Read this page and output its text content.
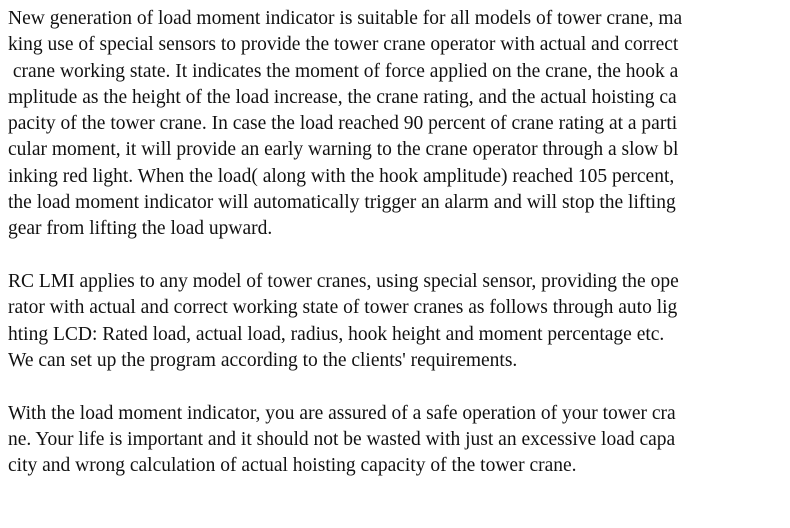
New generation of load moment indicator is suitable for all models of tower crane, ma
king use of special sensors to provide the tower crane operator with actual and correct
crane working state. It indicates the moment of force applied on the crane, the hook a
mplitude as the height of the load increase, the crane rating, and the actual hoisting ca
pacity of the tower crane. In case the load reached 90 percent of crane rating at a parti
cular moment, it will provide an early warning to the crane operator through a slow bl
inking red light. When the load( along with the hook amplitude) reached 105 percent,
the load moment indicator will automatically trigger an alarm and will stop the lifting
gear from lifting the load upward.

RC LMI applies to any model of tower cranes, using special sensor, providing the ope
rator with actual and correct working state of tower cranes as follows through auto lig
hting LCD: Rated load, actual load, radius, hook height and moment percentage etc.
We can set up the program according to the clients' requirements.

With the load moment indicator, you are assured of a safe operation of your tower cra
ne. Your life is important and it should not be wasted with just an excessive load capa
city and wrong calculation of actual hoisting capacity of the tower crane.
